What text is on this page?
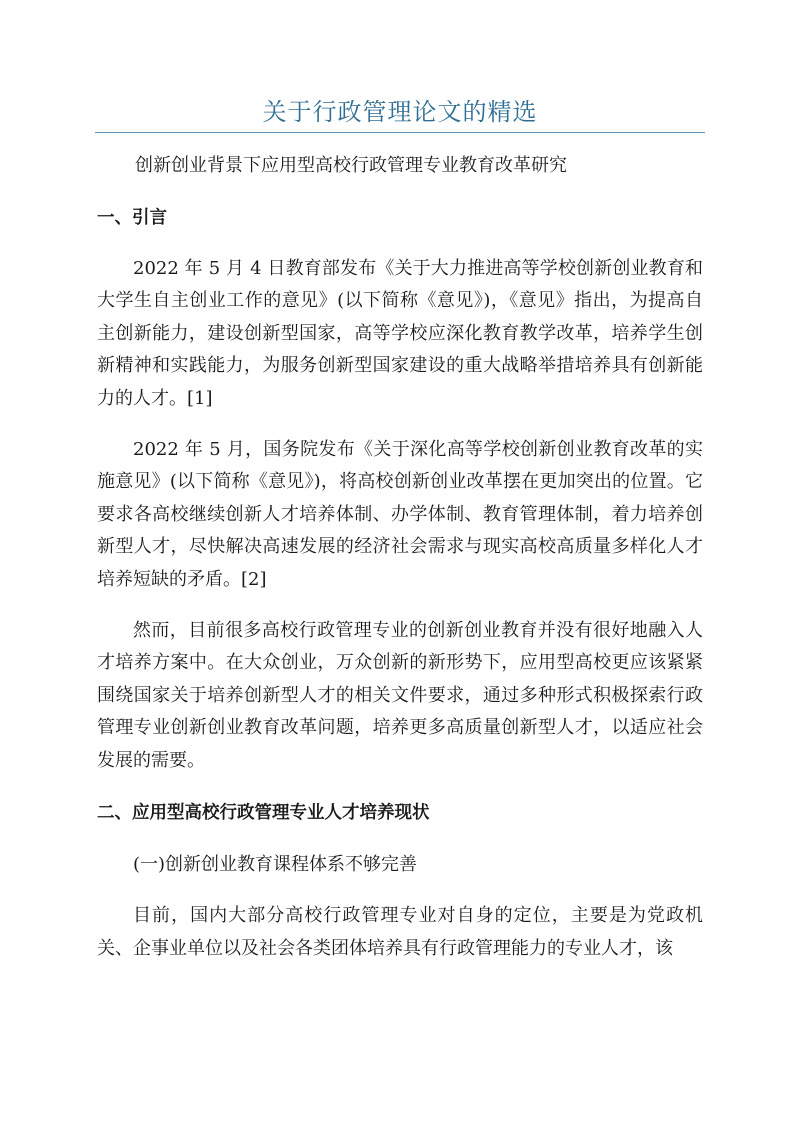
关于行政管理论文的精选

创新创业背景下应用型高校行政管理专业教育改革研究

一、引言

2022 年 5 月 4 日教育部发布《关于大力推进高等学校创新创业教育和大学生自主创业工作的意见》(以下简称《意见》)，《意见》指出，为提高自主创新能力，建设创新型国家，高等学校应深化教育教学改革，培养学生创新精神和实践能力，为服务创新型国家建设的重大战略举措培养具有创新能力的人才。[1]

2022 年 5 月，国务院发布《关于深化高等学校创新创业教育改革的实施意见》(以下简称《意见》)，将高校创新创业改革摆在更加突出的位置。它要求各高校继续创新人才培养体制、办学体制、教育管理体制，着力培养创新型人才，尽快解决高速发展的经济社会需求与现实高校高质量多样化人才培养短缺的矛盾。[2]

然而，目前很多高校行政管理专业的创新创业教育并没有很好地融入人才培养方案中。在大众创业，万众创新的新形势下，应用型高校更应该紧紧围绕国家关于培养创新型人才的相关文件要求，通过多种形式积极探索行政管理专业创新创业教育改革问题，培养更多高质量创新型人才，以适应社会发展的需要。

二、应用型高校行政管理专业人才培养现状

(一)创新创业教育课程体系不够完善

目前，国内大部分高校行政管理专业对自身的定位，主要是为党政机关、企事业单位以及社会各类团体培养具有行政管理能力的专业人才，该
